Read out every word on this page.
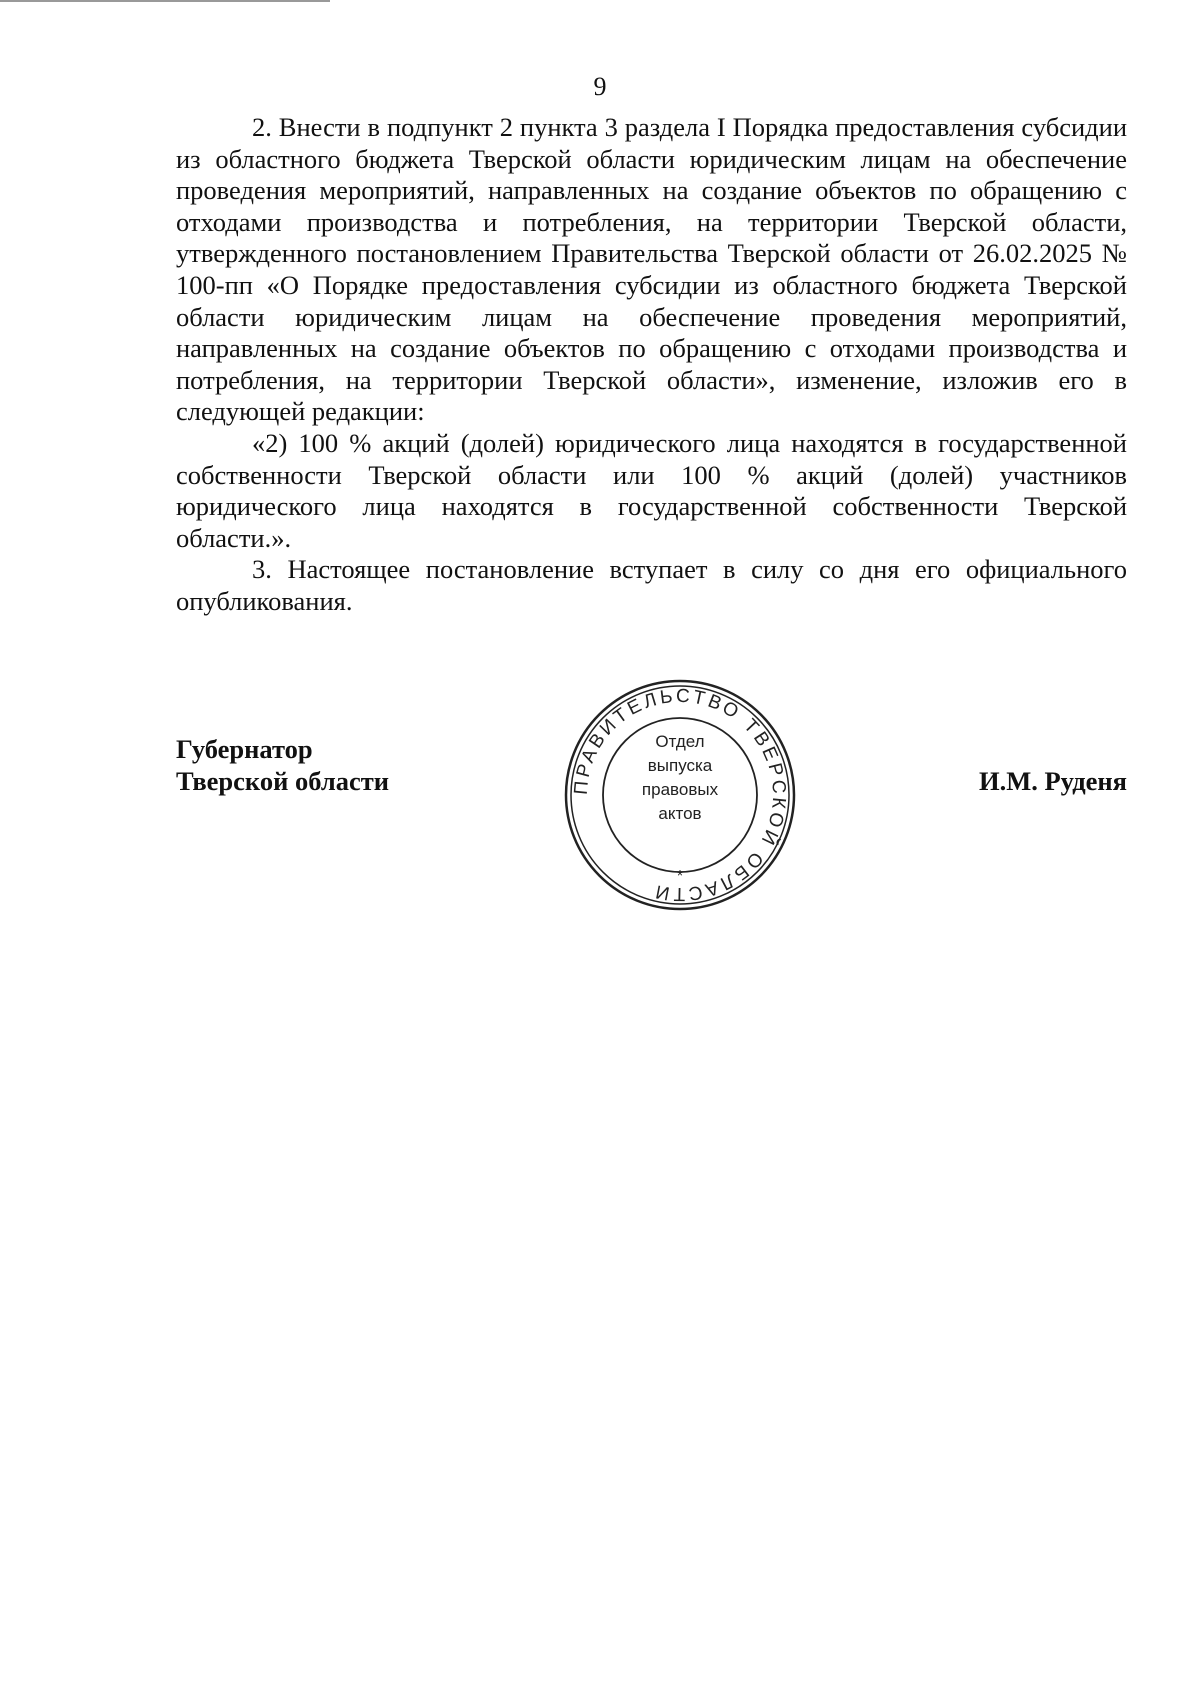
9

2. Внести в подпункт 2 пункта 3 раздела I Порядка предоставления субсидии из областного бюджета Тверской области юридическим лицам на обеспечение проведения мероприятий, направленных на создание объектов по обращению с отходами производства и потребления, на территории Тверской области, утвержденного постановлением Правительства Тверской области от 26.02.2025 № 100-пп «О Порядке предоставления субсидии из областного бюджета Тверской области юридическим лицам на обеспечение проведения мероприятий, направленных на создание объектов по обращению с отходами производства и потребления, на территории Тверской области», изменение, изложив его в следующей редакции:

«2) 100 % акций (долей) юридического лица находятся в государственной собственности Тверской области или 100 % акций (долей) участников юридического лица находятся в государственной собственности Тверской области.».

3. Настоящее постановление вступает в силу со дня его официального опубликования.

Губернатор
Тверской области	И.М. Руденя
ПРАВИТЕЛЬСТВО ТВЕРСКОЙ ОБЛАСТИ
*
Отдел
выпуска
правовых
актов
